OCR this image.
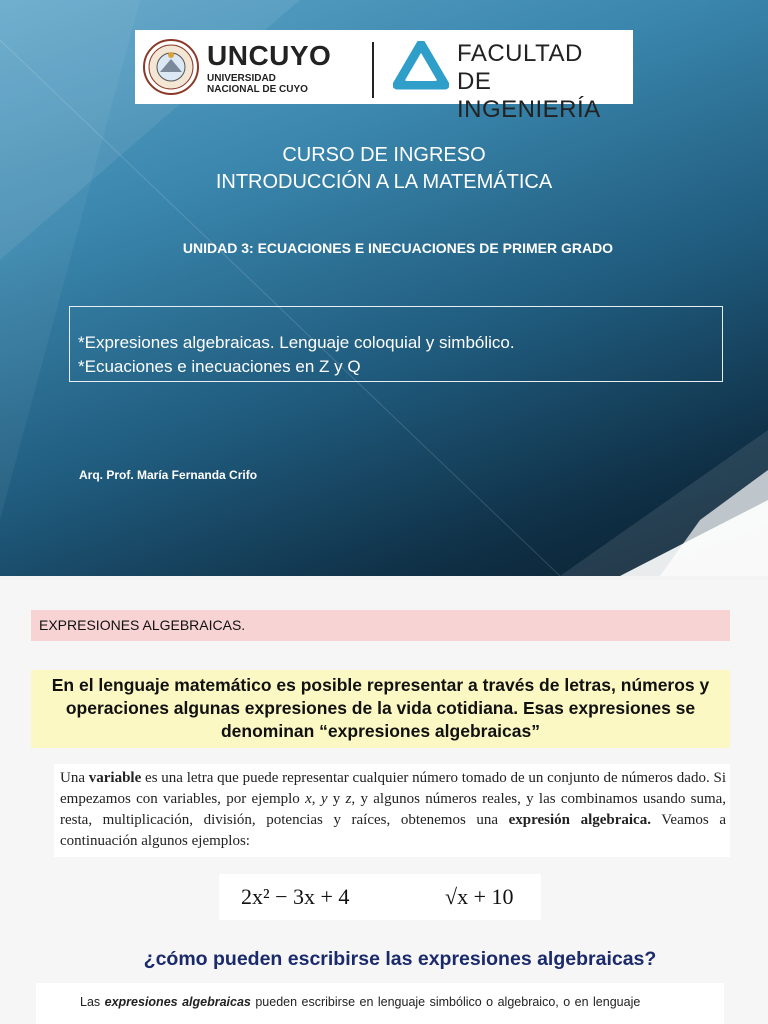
UNCUYO
UNIVERSIDAD
NACIONAL DE CUYO
FACULTAD
DE INGENIERÍA
CURSO DE INGRESO
INTRODUCCIÓN A LA MATEMÁTICA
UNIDAD 3: ECUACIONES E INECUACIONES DE PRIMER GRADO
*Expresiones algebraicas. Lenguaje coloquial y simbólico.
*Ecuaciones e inecuaciones en Z y Q
Arq. Prof. María Fernanda Crifo
EXPRESIONES ALGEBRAICAS.

En el lenguaje matemático es posible representar a través de letras, números y operaciones algunas expresiones de la vida cotidiana. Esas expresiones se denominan “expresiones algebraicas”

Una variable es una letra que puede representar cualquier número tomado de un conjunto de números dado. Si empezamos con variables, por ejemplo x, y y z, y algunos números reales, y las combinamos usando suma, resta, multiplicación, división, potencias y raíces, obtenemos una expresión algebraica. Veamos a continuación algunos ejemplos:

2x² − 3x + 4	√x + 10
¿cómo pueden escribirse las expresiones algebraicas?

Las expresiones algebraicas pueden escribirse en lenguaje simbólico o algebraico, o en lenguaje
